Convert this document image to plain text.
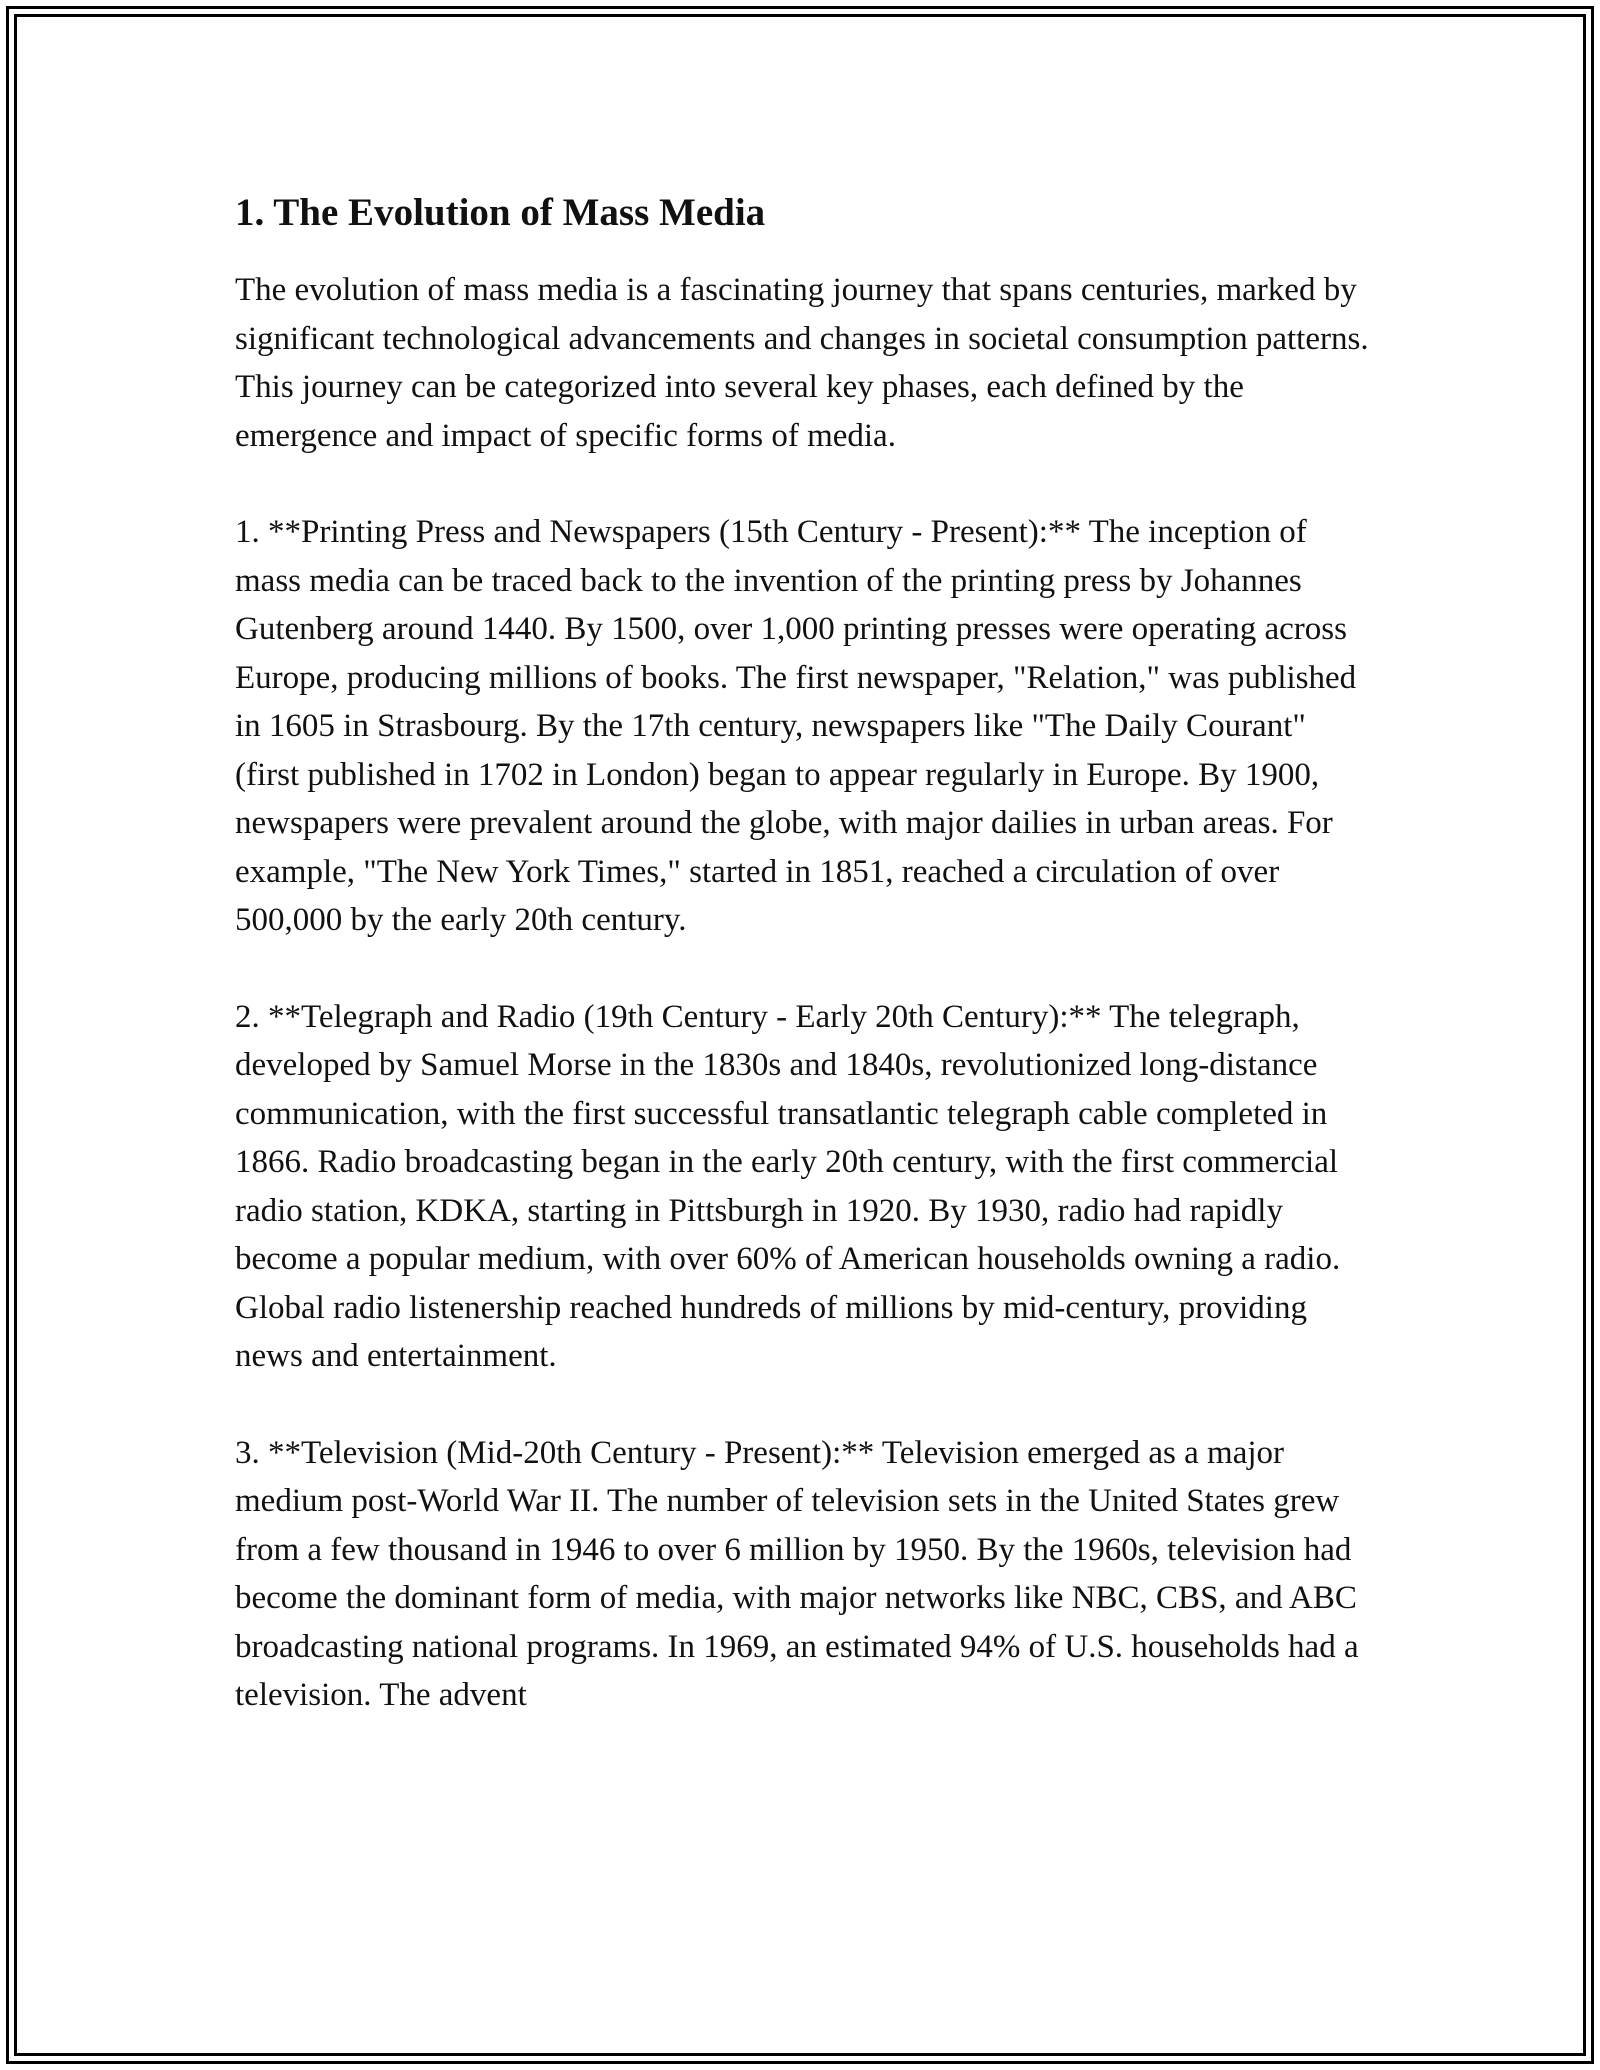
1. The Evolution of Mass Media

The evolution of mass media is a fascinating journey that spans centuries, marked by significant technological advancements and changes in societal consumption patterns. This journey can be categorized into several key phases, each defined by the emergence and impact of specific forms of media.

1. **Printing Press and Newspapers (15th Century - Present):** The inception of mass media can be traced back to the invention of the printing press by Johannes Gutenberg around 1440. By 1500, over 1,000 printing presses were operating across Europe, producing millions of books. The first newspaper, "Relation," was published in 1605 in Strasbourg. By the 17th century, newspapers like "The Daily Courant" (first published in 1702 in London) began to appear regularly in Europe. By 1900, newspapers were prevalent around the globe, with major dailies in urban areas. For example, "The New York Times," started in 1851, reached a circulation of over 500,000 by the early 20th century.

2. **Telegraph and Radio (19th Century - Early 20th Century):** The telegraph, developed by Samuel Morse in the 1830s and 1840s, revolutionized long-distance communication, with the first successful transatlantic telegraph cable completed in 1866. Radio broadcasting began in the early 20th century, with the first commercial radio station, KDKA, starting in Pittsburgh in 1920. By 1930, radio had rapidly become a popular medium, with over 60% of American households owning a radio. Global radio listenership reached hundreds of millions by mid-century, providing news and entertainment.

3. **Television (Mid-20th Century - Present):** Television emerged as a major medium post-World War II. The number of television sets in the United States grew from a few thousand in 1946 to over 6 million by 1950. By the 1960s, television had become the dominant form of media, with major networks like NBC, CBS, and ABC broadcasting national programs. In 1969, an estimated 94% of U.S. households had a television. The advent
